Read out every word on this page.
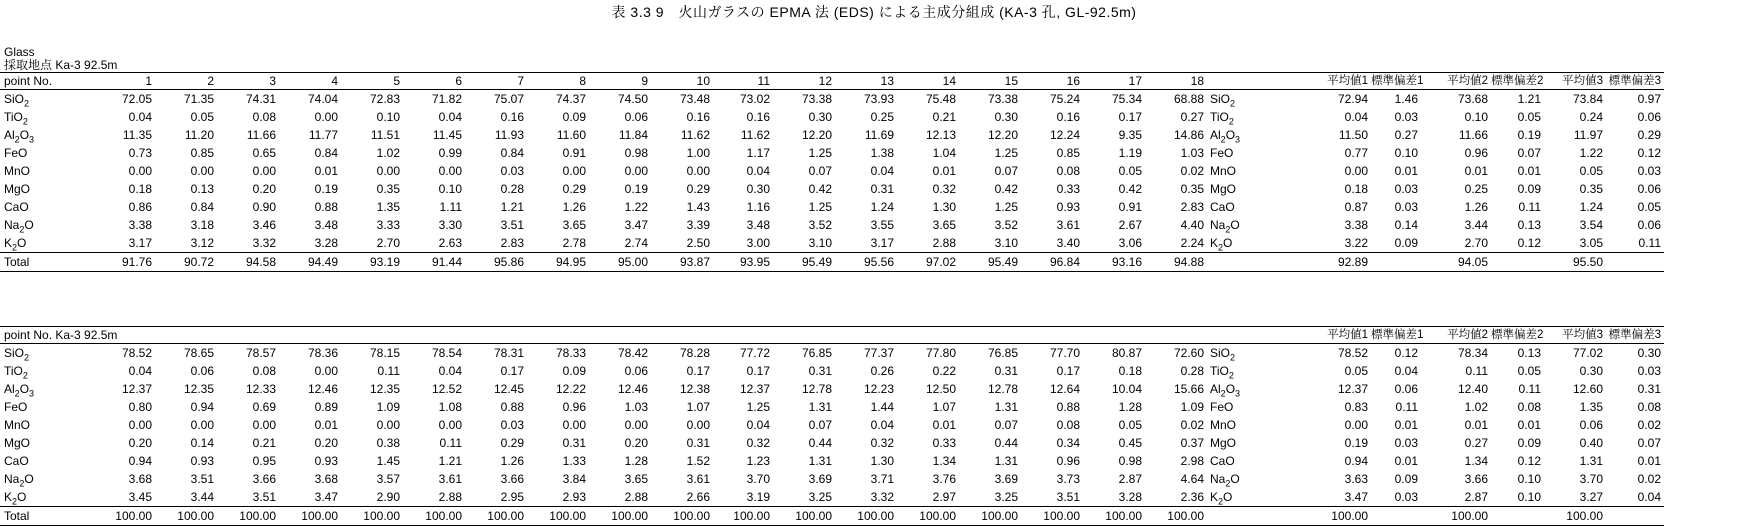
表 3.3 9　火山ガラスの EPMA 法 (EDS) による主成分組成 (KA-3 孔, GL-92.5m)
Glass
採取地点 Ka-3 92.5m
point No.	1	2	3	4	5	6	7	8	9	10	11	12	13	14	15	16	17	18		平均値1	標準偏差1	平均値2	標準偏差2	平均値3	標準偏差3
SiO$_2$	72.05	71.35	74.31	74.04	72.83	71.82	75.07	74.37	74.50	73.48	73.02	73.38	73.93	75.48	73.38	75.24	75.34	68.88	SiO$_2$	72.94	1.46	73.68	1.21	73.84	0.97
TiO$_2$	0.04	0.05	0.08	0.00	0.10	0.04	0.16	0.09	0.06	0.16	0.16	0.30	0.25	0.21	0.30	0.16	0.17	0.27	TiO$_2$	0.04	0.03	0.10	0.05	0.24	0.06
$Al_2O_3$	11.35	11.20	11.66	11.77	11.51	11.45	11.93	11.60	11.84	11.62	11.62	12.20	11.69	12.13	12.20	12.24	9.35	14.86	$Al_2O_3$	11.50	0.27	11.66	0.19	11.97	0.29
FeO	0.73	0.85	0.65	0.84	1.02	0.99	0.84	0.91	0.98	1.00	1.17	1.25	1.38	1.04	1.25	0.85	1.19	1.03	FeO	0.77	0.10	0.96	0.07	1.22	0.12
MnO	0.00	0.00	0.00	0.01	0.00	0.00	0.03	0.00	0.00	0.00	0.04	0.07	0.04	0.01	0.07	0.08	0.05	0.02	MnO	0.00	0.01	0.01	0.01	0.05	0.03
MgO	0.18	0.13	0.20	0.19	0.35	0.10	0.28	0.29	0.19	0.29	0.30	0.42	0.31	0.32	0.42	0.33	0.42	0.35	MgO	0.18	0.03	0.25	0.09	0.35	0.06
CaO	0.86	0.84	0.90	0.88	1.35	1.11	1.21	1.26	1.22	1.43	1.16	1.25	1.24	1.30	1.25	0.93	0.91	2.83	CaO	0.87	0.03	1.26	0.11	1.24	0.05
$Na_2O$	3.38	3.18	3.46	3.48	3.33	3.30	3.51	3.65	3.47	3.39	3.48	3.52	3.55	3.65	3.52	3.61	2.67	4.40	$Na_2O$	3.38	0.14	3.44	0.13	3.54	0.06
$K_2O$	3.17	3.12	3.32	3.28	2.70	2.63	2.83	2.78	2.74	2.50	3.00	3.10	3.17	2.88	3.10	3.40	3.06	2.24	$K_2O$	3.22	0.09	2.70	0.12	3.05	0.11
Total	91.76	90.72	94.58	94.49	93.19	91.44	95.86	94.95	95.00	93.87	93.95	95.49	95.56	97.02	95.49	96.84	93.16	94.88		92.89		94.05		95.50	
point No. Ka-3 92.5m																				平均値1	標準偏差1	平均値2	標準偏差2	平均値3	標準偏差3
SiO$_2$	78.52	78.65	78.57	78.36	78.15	78.54	78.31	78.33	78.42	78.28	77.72	76.85	77.37	77.80	76.85	77.70	80.87	72.60	SiO$_2$	78.52	0.12	78.34	0.13	77.02	0.30
TiO$_2$	0.04	0.06	0.08	0.00	0.11	0.04	0.17	0.09	0.06	0.17	0.17	0.31	0.26	0.22	0.31	0.17	0.18	0.28	TiO$_2$	0.05	0.04	0.11	0.05	0.30	0.03
$Al_2O_3$	12.37	12.35	12.33	12.46	12.35	12.52	12.45	12.22	12.46	12.38	12.37	12.78	12.23	12.50	12.78	12.64	10.04	15.66	$Al_2O_3$	12.37	0.06	12.40	0.11	12.60	0.31
FeO	0.80	0.94	0.69	0.89	1.09	1.08	0.88	0.96	1.03	1.07	1.25	1.31	1.44	1.07	1.31	0.88	1.28	1.09	FeO	0.83	0.11	1.02	0.08	1.35	0.08
MnO	0.00	0.00	0.00	0.01	0.00	0.00	0.03	0.00	0.00	0.00	0.04	0.07	0.04	0.01	0.07	0.08	0.05	0.02	MnO	0.00	0.01	0.01	0.01	0.06	0.02
MgO	0.20	0.14	0.21	0.20	0.38	0.11	0.29	0.31	0.20	0.31	0.32	0.44	0.32	0.33	0.44	0.34	0.45	0.37	MgO	0.19	0.03	0.27	0.09	0.40	0.07
CaO	0.94	0.93	0.95	0.93	1.45	1.21	1.26	1.33	1.28	1.52	1.23	1.31	1.30	1.34	1.31	0.96	0.98	2.98	CaO	0.94	0.01	1.34	0.12	1.31	0.01
$Na_2O$	3.68	3.51	3.66	3.68	3.57	3.61	3.66	3.84	3.65	3.61	3.70	3.69	3.71	3.76	3.69	3.73	2.87	4.64	$Na_2O$	3.63	0.09	3.66	0.10	3.70	0.02
$K_2O$	3.45	3.44	3.51	3.47	2.90	2.88	2.95	2.93	2.88	2.66	3.19	3.25	3.32	2.97	3.25	3.51	3.28	2.36	$K_2O$	3.47	0.03	2.87	0.10	3.27	0.04
Total	100.00	100.00	100.00	100.00	100.00	100.00	100.00	100.00	100.00	100.00	100.00	100.00	100.00	100.00	100.00	100.00	100.00	100.00		100.00		100.00		100.00	
